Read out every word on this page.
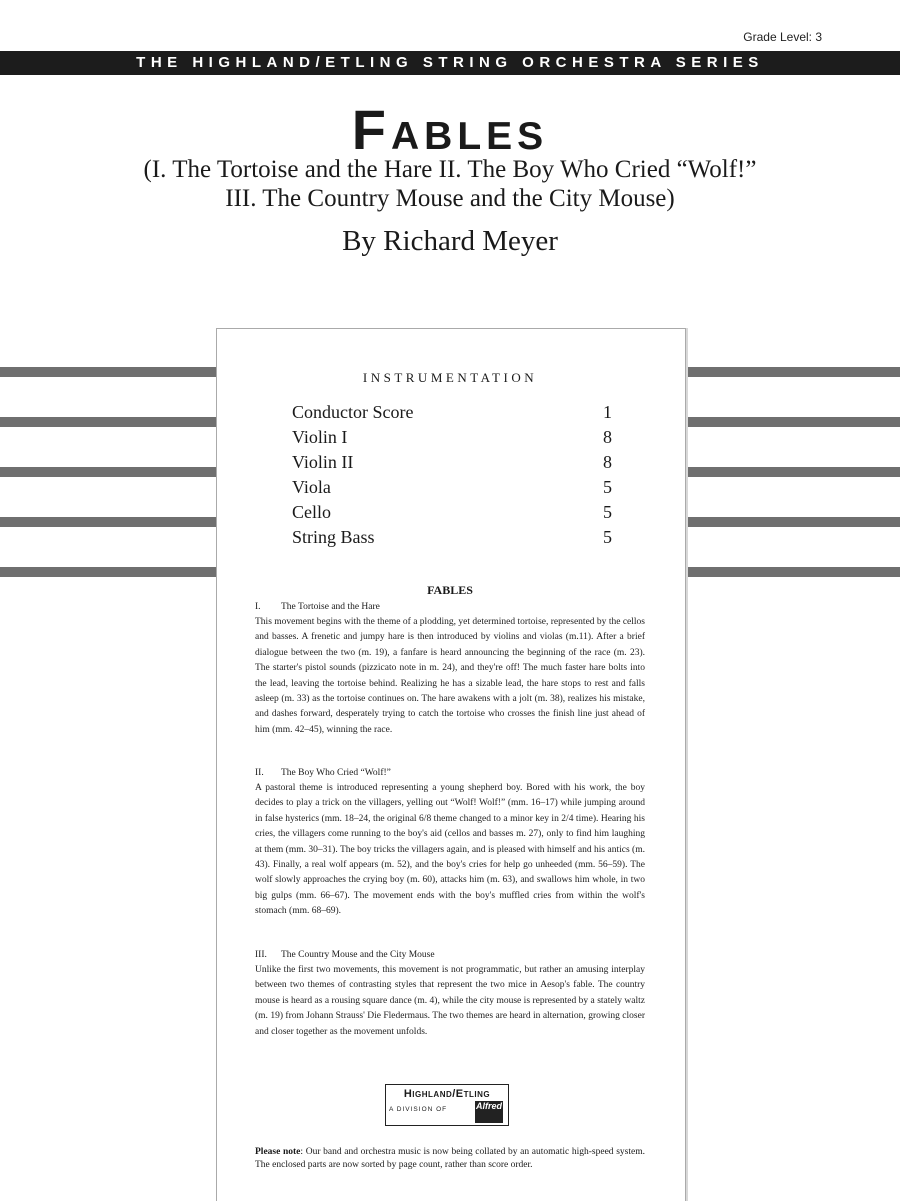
Grade Level: 3
THE HIGHLAND/ETLING STRING ORCHESTRA SERIES
Fables
(I. The Tortoise and the Hare II. The Boy Who Cried “Wolf!”
III. The Country Mouse and the City Mouse)
By Richard Meyer
INSTRUMENTATION
Conductor Score	1
Violin I	8
Violin II	8
Viola	5
Cello	5
String Bass	5
FABLES
I. The Tortoise and the Hare

This movement begins with the theme of a plodding, yet determined tortoise, represented by the cellos and basses. A frenetic and jumpy hare is then introduced by violins and violas (m.11). After a brief dialogue between the two (m. 19), a fanfare is heard announcing the beginning of the race (m. 23). The starter's pistol sounds (pizzicato note in m. 24), and they're off! The much faster hare bolts into the lead, leaving the tortoise behind. Realizing he has a sizable lead, the hare stops to rest and falls asleep (m. 33) as the tortoise continues on. The hare awakens with a jolt (m. 38), realizes his mistake, and dashes forward, desperately trying to catch the tortoise who crosses the finish line just ahead of him (mm. 42–45), winning the race.

II. The Boy Who Cried “Wolf!”

A pastoral theme is introduced representing a young shepherd boy. Bored with his work, the boy decides to play a trick on the villagers, yelling out “Wolf! Wolf!” (mm. 16–17) while jumping around in false hysterics (mm. 18–24, the original 6/8 theme changed to a minor key in 2/4 time). Hearing his cries, the villagers come running to the boy's aid (cellos and basses m. 27), only to find him laughing at them (mm. 30–31). The boy tricks the villagers again, and is pleased with himself and his antics (m. 43). Finally, a real wolf appears (m. 52), and the boy's cries for help go unheeded (mm. 56–59). The wolf slowly approaches the crying boy (m. 60), attacks him (m. 63), and swallows him whole, in two big gulps (mm. 66–67). The movement ends with the boy's muffled cries from within the wolf's stomach (mm. 68–69).

III. The Country Mouse and the City Mouse

Unlike the first two movements, this movement is not programmatic, but rather an amusing interplay between two themes of contrasting styles that represent the two mice in Aesop's fable. The country mouse is heard as a rousing square dance (m. 4), while the city mouse is represented by a stately waltz (m. 19) from Johann Strauss' Die Fledermaus. The two themes are heard in alternation, growing closer and closer together as the movement unfolds.

Highland/Etling
A DIVISION OF	Alfred

Please note: Our band and orchestra music is now being collated by an automatic high-speed system. The enclosed parts are now sorted by page count, rather than score order.
